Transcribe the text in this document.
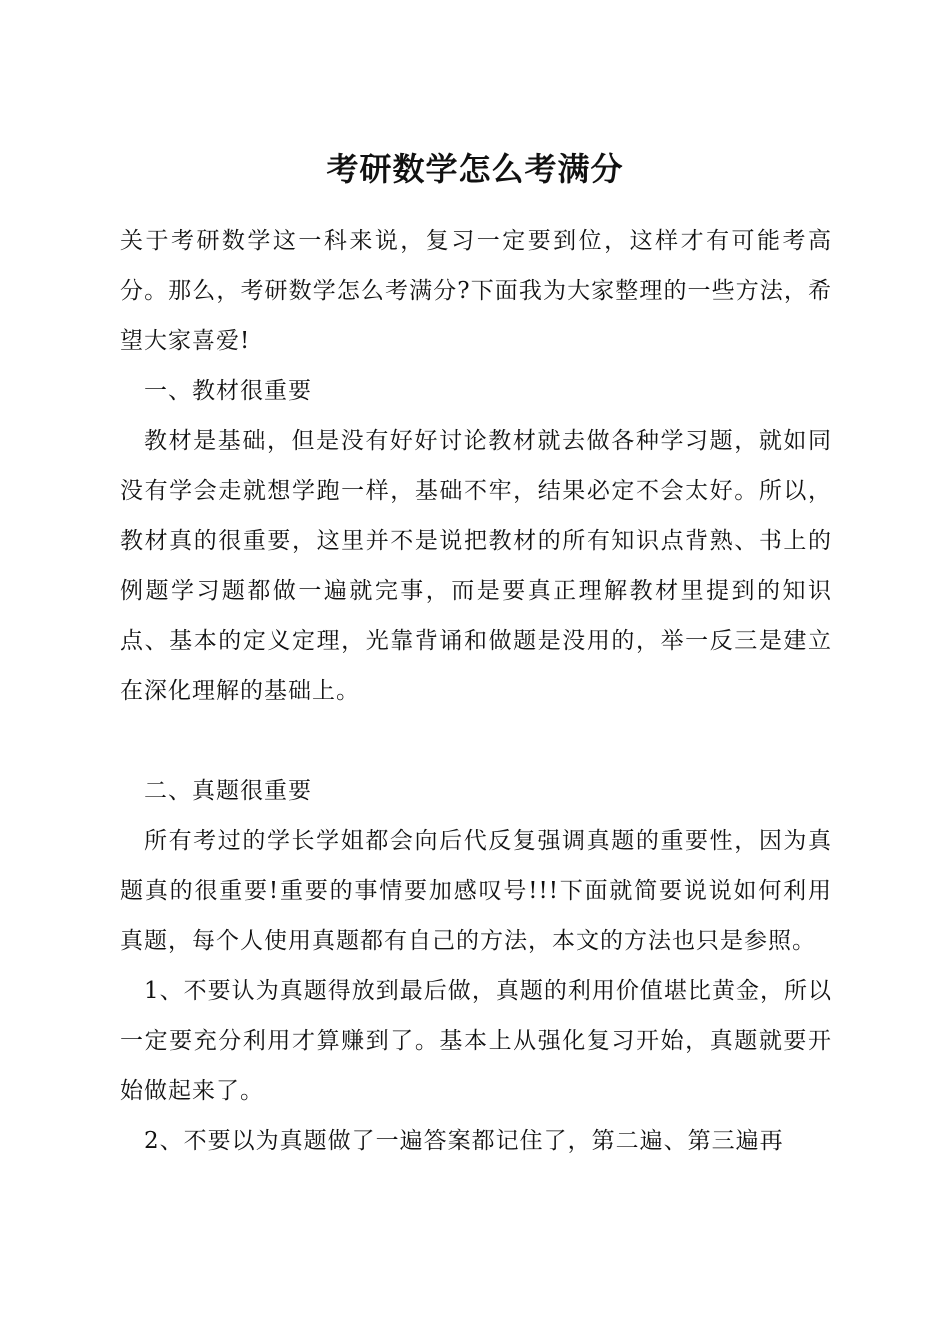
考研数学怎么考满分

关于考研数学这一科来说，复习一定要到位，这样才有可能考高分。那么，考研数学怎么考满分?下面我为大家整理的一些方法，希望大家喜爱!

一、教材很重要

教材是基础，但是没有好好讨论教材就去做各种学习题，就如同没有学会走就想学跑一样，基础不牢，结果必定不会太好。所以，教材真的很重要，这里并不是说把教材的所有知识点背熟、书上的例题学习题都做一遍就完事，而是要真正理解教材里提到的知识点、基本的定义定理，光靠背诵和做题是没用的，举一反三是建立在深化理解的基础上。

二、真题很重要

所有考过的学长学姐都会向后代反复强调真题的重要性，因为真题真的很重要!重要的事情要加感叹号!!!下面就简要说说如何利用真题，每个人使用真题都有自己的方法，本文的方法也只是参照。

1、不要认为真题得放到最后做，真题的利用价值堪比黄金，所以一定要充分利用才算赚到了。基本上从强化复习开始，真题就要开始做起来了。

2、不要以为真题做了一遍答案都记住了，第二遍、第三遍再
